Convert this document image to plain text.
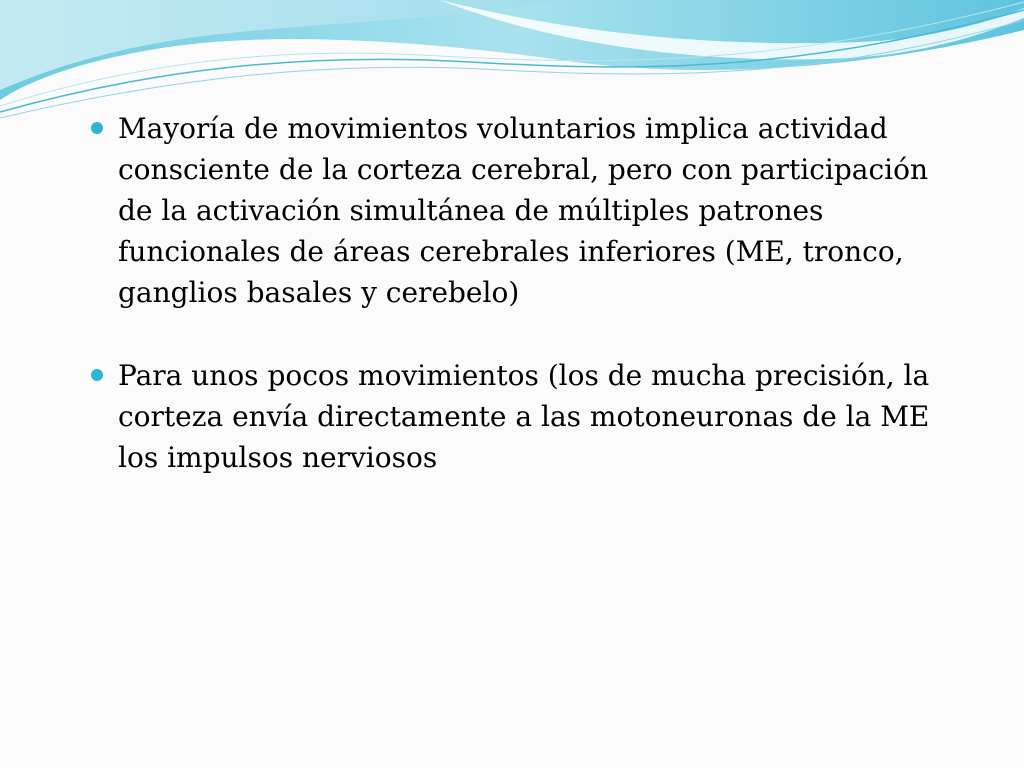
Mayoría de movimientos voluntarios implica actividad consciente de la corteza cerebral, pero con participación de la activación simultánea de múltiples patrones funcionales de áreas cerebrales inferiores (ME, tronco, ganglios basales y cerebelo)
Para unos pocos movimientos (los de mucha precisión, la corteza envía directamente a las motoneuronas de la ME los impulsos nerviosos
